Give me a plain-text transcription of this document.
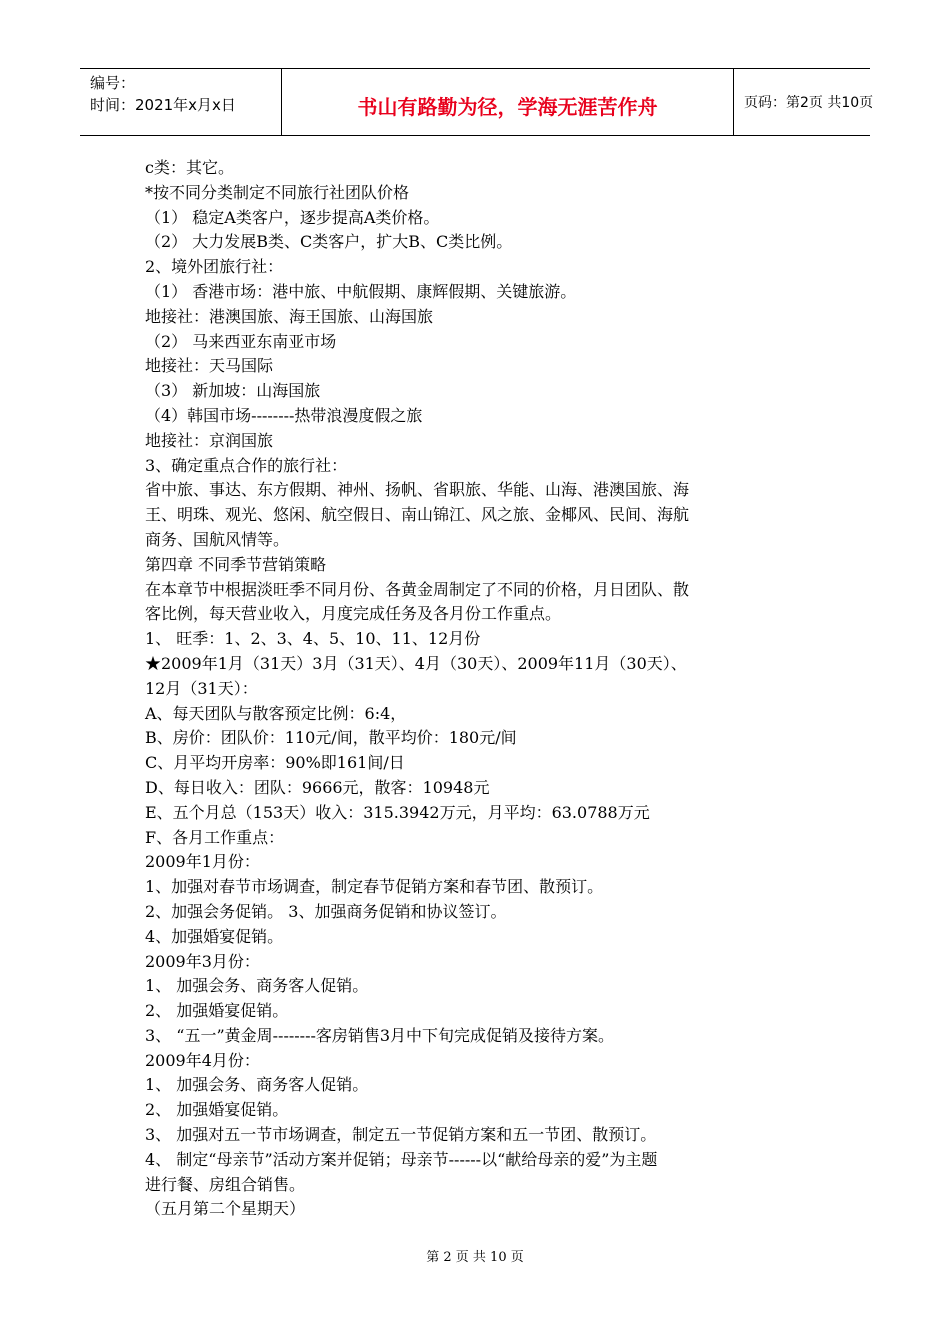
编号：
时间：2021年x月x日	书山有路勤为径，学海无涯苦作舟	页码：第2页 共10页

c类：其它。

*按不同分类制定不同旅行社团队价格

（1） 稳定A类客户，逐步提高A类价格。

（2） 大力发展B类、C类客户，扩大B、C类比例。

2、境外团旅行社：

（1） 香港市场：港中旅、中航假期、康辉假期、关键旅游。

地接社：港澳国旅、海王国旅、山海国旅

（2） 马来西亚东南亚市场

地接社：天马国际

（3） 新加坡：山海国旅

（4）韩国市场--------热带浪漫度假之旅

地接社：京润国旅

3、确定重点合作的旅行社：

省中旅、事达、东方假期、神州、扬帆、省职旅、华能、山海、港澳国旅、海

王、明珠、观光、悠闲、航空假日、南山锦江、风之旅、金椰风、民间、海航

商务、国航风情等。

第四章 不同季节营销策略

在本章节中根据淡旺季不同月份、各黄金周制定了不同的价格，月日团队、散

客比例，每天营业收入，月度完成任务及各月份工作重点。

1、 旺季：1、2、3、4、5、10、11、12月份

★2009年1月（31天）3月（31天）、4月（30天）、2009年11月（30天）、

12月（31天）：

A、每天团队与散客预定比例：6:4，

B、房价：团队价：110元/间，散平均价：180元/间

C、月平均开房率：90%即161间/日

D、每日收入：团队：9666元，散客：10948元

E、五个月总（153天）收入：315.3942万元，月平均：63.0788万元

F、各月工作重点：

2009年1月份：

1、加强对春节市场调查，制定春节促销方案和春节团、散预订。

2、加强会务促销。 3、加强商务促销和协议签订。

4、加强婚宴促销。

2009年3月份：

1、 加强会务、商务客人促销。

2、 加强婚宴促销。

3、 “五一”黄金周--------客房销售3月中下旬完成促销及接待方案。

2009年4月份：

1、 加强会务、商务客人促销。

2、 加强婚宴促销。

3、 加强对五一节市场调查，制定五一节促销方案和五一节团、散预订。

4、 制定“母亲节”活动方案并促销；母亲节------以“献给母亲的爱”为主题

进行餐、房组合销售。

（五月第二个星期天）

第 2 页 共 10 页
